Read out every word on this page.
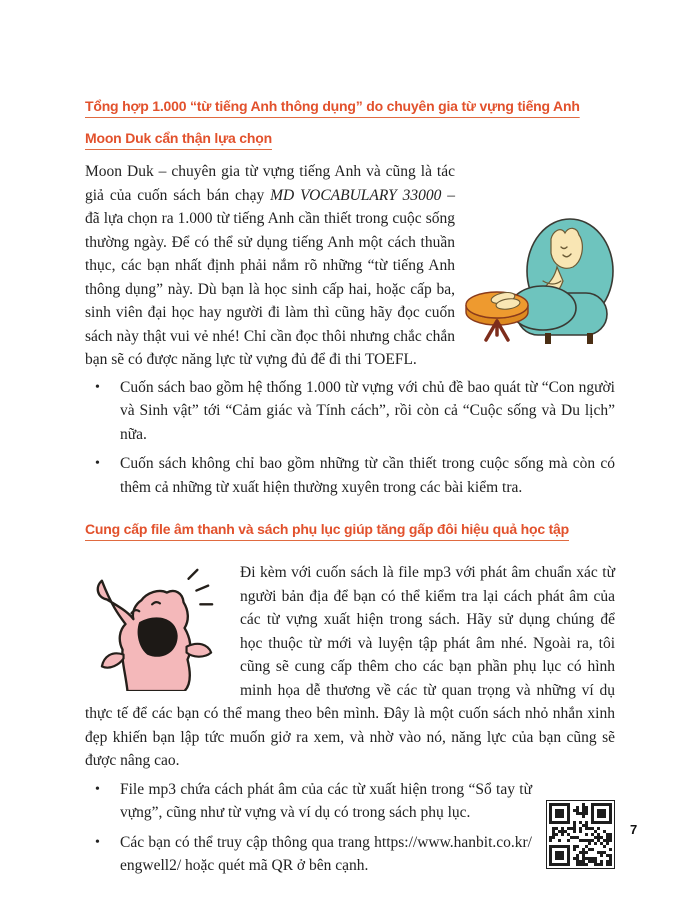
Tổng hợp 1.000 “từ tiếng Anh thông dụng” do chuyên gia từ vựng tiếng Anh
Moon Duk cẩn thận lựa chọn

Moon Duk – chuyên gia từ vựng tiếng Anh và cũng là tác giả của cuốn sách bán chạy MD VOCABULARY 33000 – đã lựa chọn ra 1.000 từ tiếng Anh cần thiết trong cuộc sống thường ngày. Để có thể sử dụng tiếng Anh một cách thuần thục, các bạn nhất định phải nắm rõ những “từ tiếng Anh thông dụng” này. Dù bạn là học sinh cấp hai, hoặc cấp ba, sinh viên đại học hay người đi làm thì cũng hãy đọc cuốn sách này thật vui vẻ nhé! Chỉ cần đọc thôi nhưng chắc chắn bạn sẽ có được năng lực từ vựng đủ để đi thi TOEFL.

• Cuốn sách bao gồm hệ thống 1.000 từ vựng với chủ đề bao quát từ “Con người và Sinh vật” tới “Cảm giác và Tính cách”, rồi còn cả “Cuộc sống và Du lịch” nữa.
• Cuốn sách không chỉ bao gồm những từ cần thiết trong cuộc sống mà còn có thêm cả những từ xuất hiện thường xuyên trong các bài kiểm tra.
Cung cấp file âm thanh và sách phụ lục giúp tăng gấp đôi hiệu quả học tập

Đi kèm với cuốn sách là file mp3 với phát âm chuẩn xác từ người bản địa để bạn có thể kiểm tra lại cách phát âm của các từ vựng xuất hiện trong sách. Hãy sử dụng chúng để học thuộc từ mới và luyện tập phát âm nhé. Ngoài ra, tôi cũng sẽ cung cấp thêm cho các bạn phần phụ lục có hình minh họa dễ thương về các từ quan trọng và những ví dụ thực tế để các bạn có thể mang theo bên mình. Đây là một cuốn sách nhỏ nhắn xinh đẹp khiến bạn lập tức muốn giở ra xem, và nhờ vào nó, năng lực của bạn cũng sẽ được nâng cao.

• File mp3 chứa cách phát âm của các từ xuất hiện trong “Sổ tay từ vựng”, cũng như từ vựng và ví dụ có trong sách phụ lục.
• Các bạn có thể truy cập thông qua trang https://www.hanbit.co.kr/engwell2/ hoặc quét mã QR ở bên cạnh.
7
